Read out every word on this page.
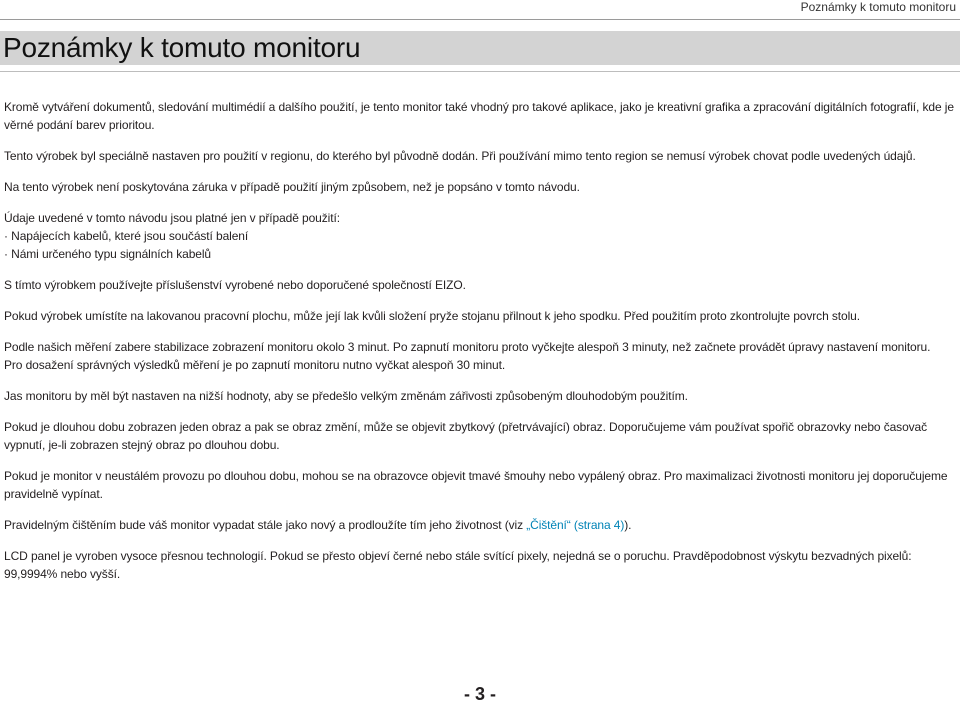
Poznámky k tomuto monitoru
Poznámky k tomuto monitoru

Kromě vytváření dokumentů, sledování multimédií a dalšího použití, je tento monitor také vhodný pro takové aplikace, jako je kreativní grafika a zpracování digitálních fotografií, kde je věrné podání barev prioritou.

Tento výrobek byl speciálně nastaven pro použití v regionu, do kterého byl původně dodán. Při používání mimo tento region se nemusí výrobek chovat podle uvedených údajů.

Na tento výrobek není poskytována záruka v případě použití jiným způsobem, než je popsáno v tomto návodu.

Údaje uvedené v tomto návodu jsou platné jen v případě použití:

· Napájecích kabelů, které jsou součástí balení

· Námi určeného typu signálních kabelů

S tímto výrobkem používejte příslušenství vyrobené nebo doporučené společností EIZO.

Pokud výrobek umístíte na lakovanou pracovní plochu, může její lak kvůli složení pryže stojanu přilnout k jeho spodku. Před použitím proto zkontrolujte povrch stolu.

Podle našich měření zabere stabilizace zobrazení monitoru okolo 3 minut. Po zapnutí monitoru proto vyčkejte alespoň 3 minuty, než začnete provádět úpravy nastavení monitoru.

Pro dosažení správných výsledků měření je po zapnutí monitoru nutno vyčkat alespoň 30 minut.

Jas monitoru by měl být nastaven na nižší hodnoty, aby se předešlo velkým změnám zářivosti způsobeným dlouhodobým použitím.

Pokud je dlouhou dobu zobrazen jeden obraz a pak se obraz změní, může se objevit zbytkový (přetrvávající) obraz. Doporučujeme vám používat spořič obrazovky nebo časovač vypnutí, je-li zobrazen stejný obraz po dlouhou dobu.

Pokud je monitor v neustálém provozu po dlouhou dobu, mohou se na obrazovce objevit tmavé šmouhy nebo vypálený obraz. Pro maximalizaci životnosti monitoru jej doporučujeme pravidelně vypínat.

Pravidelným čištěním bude váš monitor vypadat stále jako nový a prodloužíte tím jeho životnost (viz „Čištění“ (strana 4)).

LCD panel je vyroben vysoce přesnou technologií. Pokud se přesto objeví černé nebo stále svítící pixely, nejedná se o poruchu. Pravděpodobnost výskytu bezvadných pixelů: 99,9994% nebo vyšší.

- 3 -
